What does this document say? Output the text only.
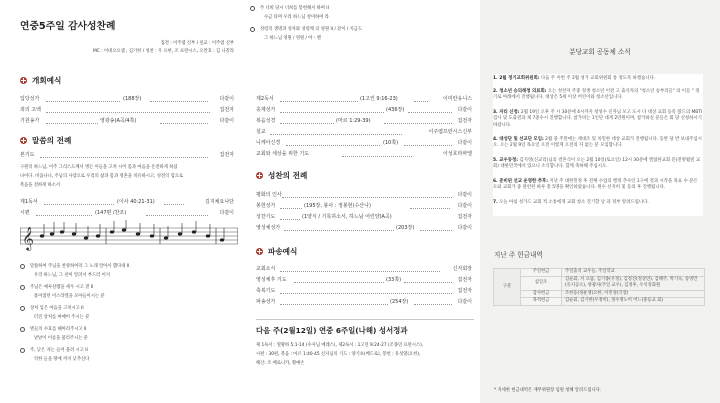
연중5주일 감사성찬례
집전 : 이주엽 신부 / 설교 : 이주엽 신부
MC : 이대오요셉 , 김기한 / 성찬 : 우 요한, 조 프란시스, 오만호 : 김 니꼴라
개회예식
입당성가	(188장)	다같이
죄의 고백	집전자
기원송가	영광송(A곡/4쪽)	다같이
말씀의 전례
본기도	집전자
구원의 하느님, 이주 그리스도께서 병든 이들을 고쳐 시어 몸과 마음을 온전하게 하셨
나이다. 비옵나니, 주님의 사랑으로 우리의 삶과 몸과 영혼을 치유하시고, 성전의 힘으로
복음을 전하게 하소서
제1독서	(이사 40:21-31)	김지채요나단
시편	(147편 /찬조)	다같이
𝄞
말씀하여 주님을 찬양하여라 그 노래 알아서 했다네 II
우리 하느님, 그 찬미 알려서 부드러 어지
주님은 예루살렘을 세우 시고 곁 II
흩어졌던 이스라엘을 모아들이시는 분
상처 입은 마음을 고치시고 II
터진 상처를 싸매어 주시는 분
별들의 수효를 헤아려주시고 II
낱낱이 이름을 불러주시는 분
주, 낮은 자는 들어 올려 시고 II
악한 들을 땅에 까지 낮추신다
주 너희 당시 너희를 봉헌해서 하며 II
수금 타며 우리 하느님 찬미하여 라
성령의 생명과 성자와 성령께 더 영원 II / 같이 / 지금도
그 하느님 영원 / 영원 / 아 - 멘
제2독서	(1고린 9:16-23)	이미란유니스
층계성가	(436장)	다같이
복음성경	(마르 1:29-39)	집전자
설교	이주엽프란시스신부
니케아신경	(10쪽)	다같이
교회와 세상을 위한 기도	이성호라파엘
성찬의 전례
평화의 인사	다같이
봉헌성가	(195장, 봉사 : 정봉현(수산나)	다같이
성찬기도	(1양식 / 기록하소서, 하느님 어린양(A곡)	집전자
영성체성가	(203장)	다같이
파송예식
교회소식	신자회장
영성체후 기도	(33쪽)	집전자
축복기도	집전자
파송성가	(254장)	다같이
다음 주(2월12일) 연중 6주일(나해) 성서정과
제 1독서 : 열왕하 5:1-14 (수사님 예레스), 제2독서 : 1고린 9:24-27 (조종연 프란시스),
시편 : 30편, 복음 : 마르 1:40-45 신자님의 기도 : 양기초(베드로), 봉헌 : 유성열(요한),
해산: 조 베로니카, 활애손
분당교회 공동체 소식
1. 2월 정기교회위원회: 다음 주 이번 주 2월 성가 교회위원회 통 정도록 하겠습니다.
2. 청소년 승의례청 의료회: 오는 성찬자 주중 정생 청소년 이전 고 출석자의 "청소년 승부리들" 의 이들 " 정기로 아래에서 진행됩니다. 대상은 5세 이상 어린이와 청소년입니다.
3. 자티 신청: 2월 19일 오후 주 시 30분에 4시까지 청성수 신자님 모고 도시 다 대상 교회 등록 맑드의 MBTI 검사 및 도출결과 제 7중수시 진행합니다. 참가비는 1인단 대게 2만원이며, 참가하실 분들은 회 당 신청하시기 바랍니다.
4. 대성단 및 선교단 모임: 2월 중 주말에는 제대조 및 치밀한 대상 교회가 진행됩니다. 동반 당 반 보내주십시오. 오는 2월 9일 목요일 오전 이렇게 오전의 자 없는 분 모임합니다.
5. 교우동정: 김지영(신교리)님의 결혼식이 오는 2월 10일(토요일) 12시 30분에 엘림한교회 문(전병월빌 교회) 대한민국에서 있으니 소식합니다. 함께 축하해 주십시오.
6. 준비된 선교 운영한 추후: 지난 주 대한민정 후 전체 수업의 행정 추수인 1구에 결과 시작을 목표 수 분은 도와 교회가 중 관련된 하루 총 5명을 확인하였습니다. 원수 선지히 및 동의 후 진행됩니다.
7. 오늘 아침 성가드 교회 적 소통에게 교회 청소 진기할 날 과 정부 알려드립니다.
지난 주 헌금내역
구분	주일헌금	주일출석 교우들, 주일학교
	십일조	김순회, 서 으뜸, 김기종(우정), 김정진(정상연), 김해주, 박기숙, 송영만(유지공소), 양광자(주일 교우), 김정후, 우석정화원

	감사헌금	조한웅(경운생)요한, 이민경(국장)
	목적헌금	김순회, 김기한(우정비), 정수정노이 어느(중등교 회)

* 지세한 헌금내역은 재무위원장 임원 청해 알려드립니다.
